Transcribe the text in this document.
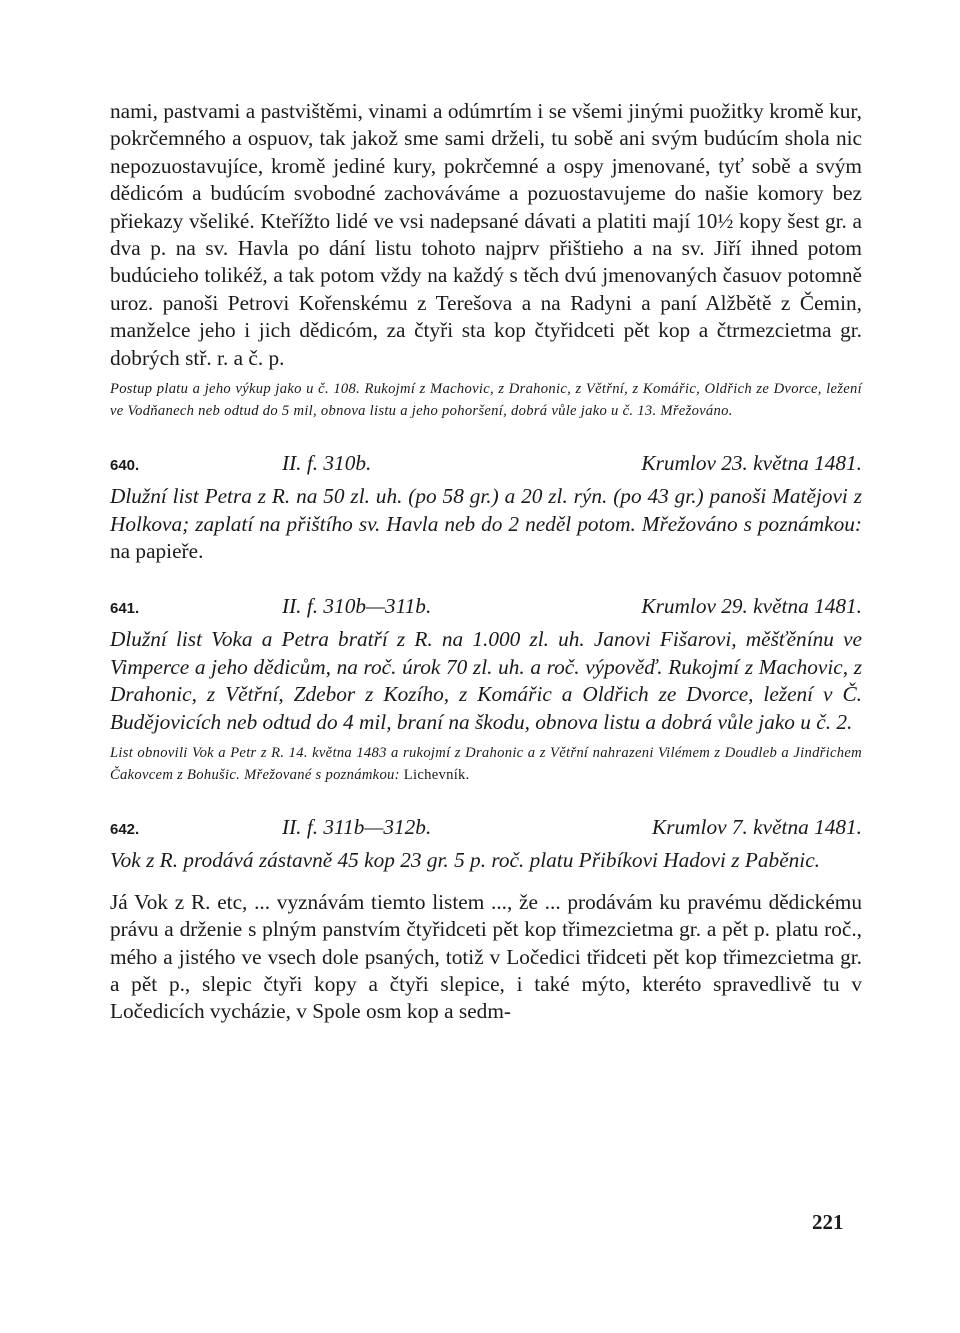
nami, pastvami a pastvištěmi, vinami a odúmrtím i se všemi jinými puožitky kromě kur, pokrčemného a ospuov, tak jakož sme sami drželi, tu sobě ani svým budúcím shola nic nepozuostavujíce, kromě jediné kury, pokrčemné a ospy jmenované, tyť sobě a svým dědicóm a budúcím svobodné zachováváme a pozuostavujeme do našie komory bez přiekazy všeliké. Kteřížto lidé ve vsi nadepsané dávati a platiti mají 10½ kopy šest gr. a dva p. na sv. Havla po dání listu tohoto najprv přištieho a na sv. Jiří ihned potom budúcieho tolikéž, a tak potom vždy na každý s těch dvú jmenovaných časuov potomně uroz. panoši Petrovi Kořenskému z Terešova a na Radyni a paní Alžbětě z Čemin, manželce jeho i jich dědicóm, za čtyři sta kop čtyřidceti pět kop a čtrmezcietma gr. dobrých stř. r. a č. p.

Postup platu a jeho výkup jako u č. 108. Rukojmí z Machovic, z Drahonic, z Větřní, z Komářic, Oldřich ze Dvorce, ležení ve Vodňanech neb odtud do 5 mil, obnova listu a jeho pohoršení, dobrá vůle jako u č. 13. Mřežováno.

640.	II. f. 310b.	Krumlov 23. května 1481.

Dlužní list Petra z R. na 50 zl. uh. (po 58 gr.) a 20 zl. rýn. (po 43 gr.) panoši Matějovi z Holkova; zaplatí na přištího sv. Havla neb do 2 neděl potom. Mřežováno s poznámkou: na papieře.

641.	II. f. 310b—311b.	Krumlov 29. května 1481.

Dlužní list Voka a Petra bratří z R. na 1.000 zl. uh. Janovi Fišarovi, měšťěnínu ve Vimperce a jeho dědicům, na roč. úrok 70 zl. uh. a roč. výpověď. Rukojmí z Machovic, z Drahonic, z Větřní, Zdebor z Kozího, z Komářic a Oldřich ze Dvorce, ležení v Č. Budějovicích neb odtud do 4 mil, braní na škodu, obnova listu a dobrá vůle jako u č. 2.

List obnovili Vok a Petr z R. 14. května 1483 a rukojmí z Drahonic a z Větřní nahrazeni Vilémem z Doudleb a Jindřichem Čakovcem z Bohušic. Mřežované s poznámkou: Lichevník.

642.	II. f. 311b—312b.	Krumlov 7. května 1481.

Vok z R. prodává zástavně 45 kop 23 gr. 5 p. roč. platu Přibíkovi Hadovi z Paběnic.

Já Vok z R. etc, ... vyznávám tiemto listem ..., že ... prodávám ku pravému dědickému právu a drženie s plným panstvím čtyřidceti pět kop třimezcietma gr. a pět p. platu roč., mého a jistého ve vsech dole psaných, totiž v Ločedici třidceti pět kop třimezcietma gr. a pět p., slepic čtyři kopy a čtyři slepice, i také mýto, kteréto spravedlivě tu v Ločedicích vycházie, v Spole osm kop a sedm-

221
